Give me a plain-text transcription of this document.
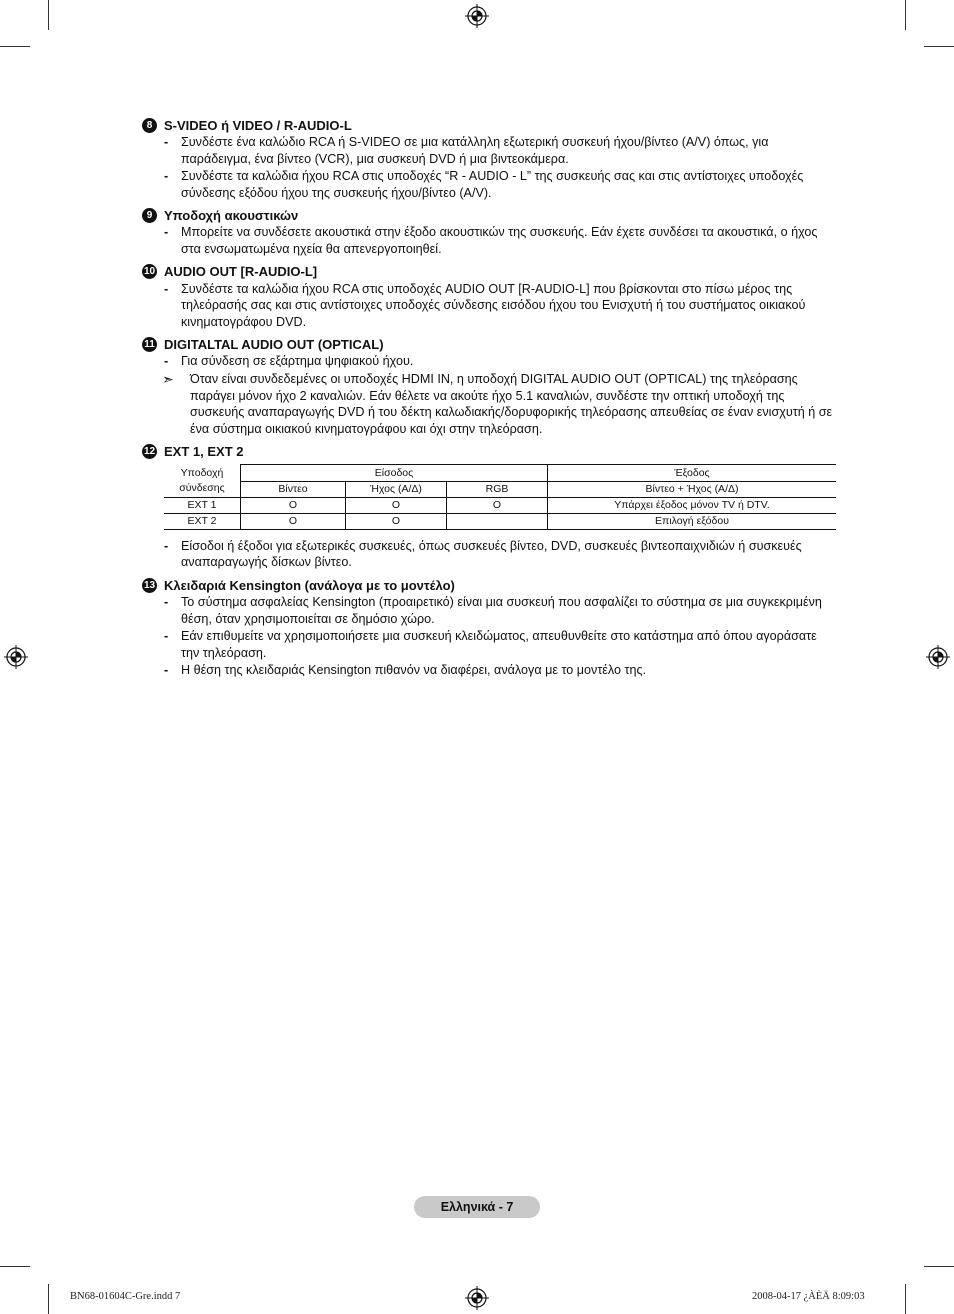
8 S-VIDEO ή VIDEO / R-AUDIO-L
- Συνδέστε ένα καλώδιο RCA ή S-VIDEO σε μια κατάλληλη εξωτερική συσκευή ήχου/βίντεο (A/V) όπως, για παράδειγμα, ένα βίντεο (VCR), μια συσκευή DVD ή μια βιντεοκάμερα.
- Συνδέστε τα καλώδια ήχου RCA στις υποδοχές “R - AUDIO - L” της συσκευής σας και στις αντίστοιχες υποδοχές σύνδεσης εξόδου ήχου της συσκευής ήχου/βίντεο (A/V).
9 Υποδοχή ακουστικών
- Μπορείτε να συνδέσετε ακουστικά στην έξοδο ακουστικών της συσκευής. Εάν έχετε συνδέσει τα ακουστικά, ο ήχος στα ενσωματωμένα ηχεία θα απενεργοποιηθεί.
10 AUDIO OUT [R-AUDIO-L]
- Συνδέστε τα καλώδια ήχου RCA στις υποδοχές AUDIO OUT [R-AUDIO-L] που βρίσκονται στο πίσω μέρος της τηλεόρασής σας και στις αντίστοιχες υποδοχές σύνδεσης εισόδου ήχου του Ενισχυτή ή του συστήματος οικιακού κινηματογράφου DVD.
11 DIGITALTAL AUDIO OUT (OPTICAL)
- Για σύνδεση σε εξάρτημα ψηφιακού ήχου.
➣ Όταν είναι συνδεδεμένες οι υποδοχές HDMI IN, η υποδοχή DIGITAL AUDIO OUT (OPTICAL) της τηλεόρασης παράγει μόνον ήχο 2 καναλιών. Εάν θέλετε να ακούτε ήχο 5.1 καναλιών, συνδέστε την οπτική υποδοχή της συσκευής αναπαραγωγής DVD ή του δέκτη καλωδιακής/δορυφορικής τηλεόρασης απευθείας σε έναν ενισχυτή ή σε ένα σύστημα οικιακού κινηματογράφου και όχι στην τηλεόραση.
12 EXT 1, EXT 2
Υποδοχή
σύνδεσης	Είσοδος			Έξοδος
	Βίντεο	Ήχος (Α/Δ)	RGB	Βίντεο + Ήχος (Α/Δ)
EXT 1	O	O	O	Υπάρχει έξοδος μόνον TV ή DTV.
EXT 2	O	O		Επιλογή εξόδου
- Είσοδοι ή έξοδοι για εξωτερικές συσκευές, όπως συσκευές βίντεο, DVD, συσκευές βιντεοπαιχνιδιών ή συσκευές αναπαραγωγής δίσκων βίντεο.
13 Κλειδαριά Kensington (ανάλογα με το μοντέλο)
- Το σύστημα ασφαλείας Kensington (προαιρετικό) είναι μια συσκευή που ασφαλίζει το σύστημα σε μια συγκεκριμένη θέση, όταν χρησιμοποιείται σε δημόσιο χώρο.
- Εάν επιθυμείτε να χρησιμοποιήσετε μια συσκευή κλειδώματος, απευθυνθείτε στο κατάστημα από όπου αγοράσατε την τηλεόραση.
- Η θέση της κλειδαριάς Kensington πιθανόν να διαφέρει, ανάλογα με το μοντέλο της.
Ελληνικά - 7
BN68-01604C-Gre.indd 7	2008-04-17 ¿ÀÈÄ 8:09:03
